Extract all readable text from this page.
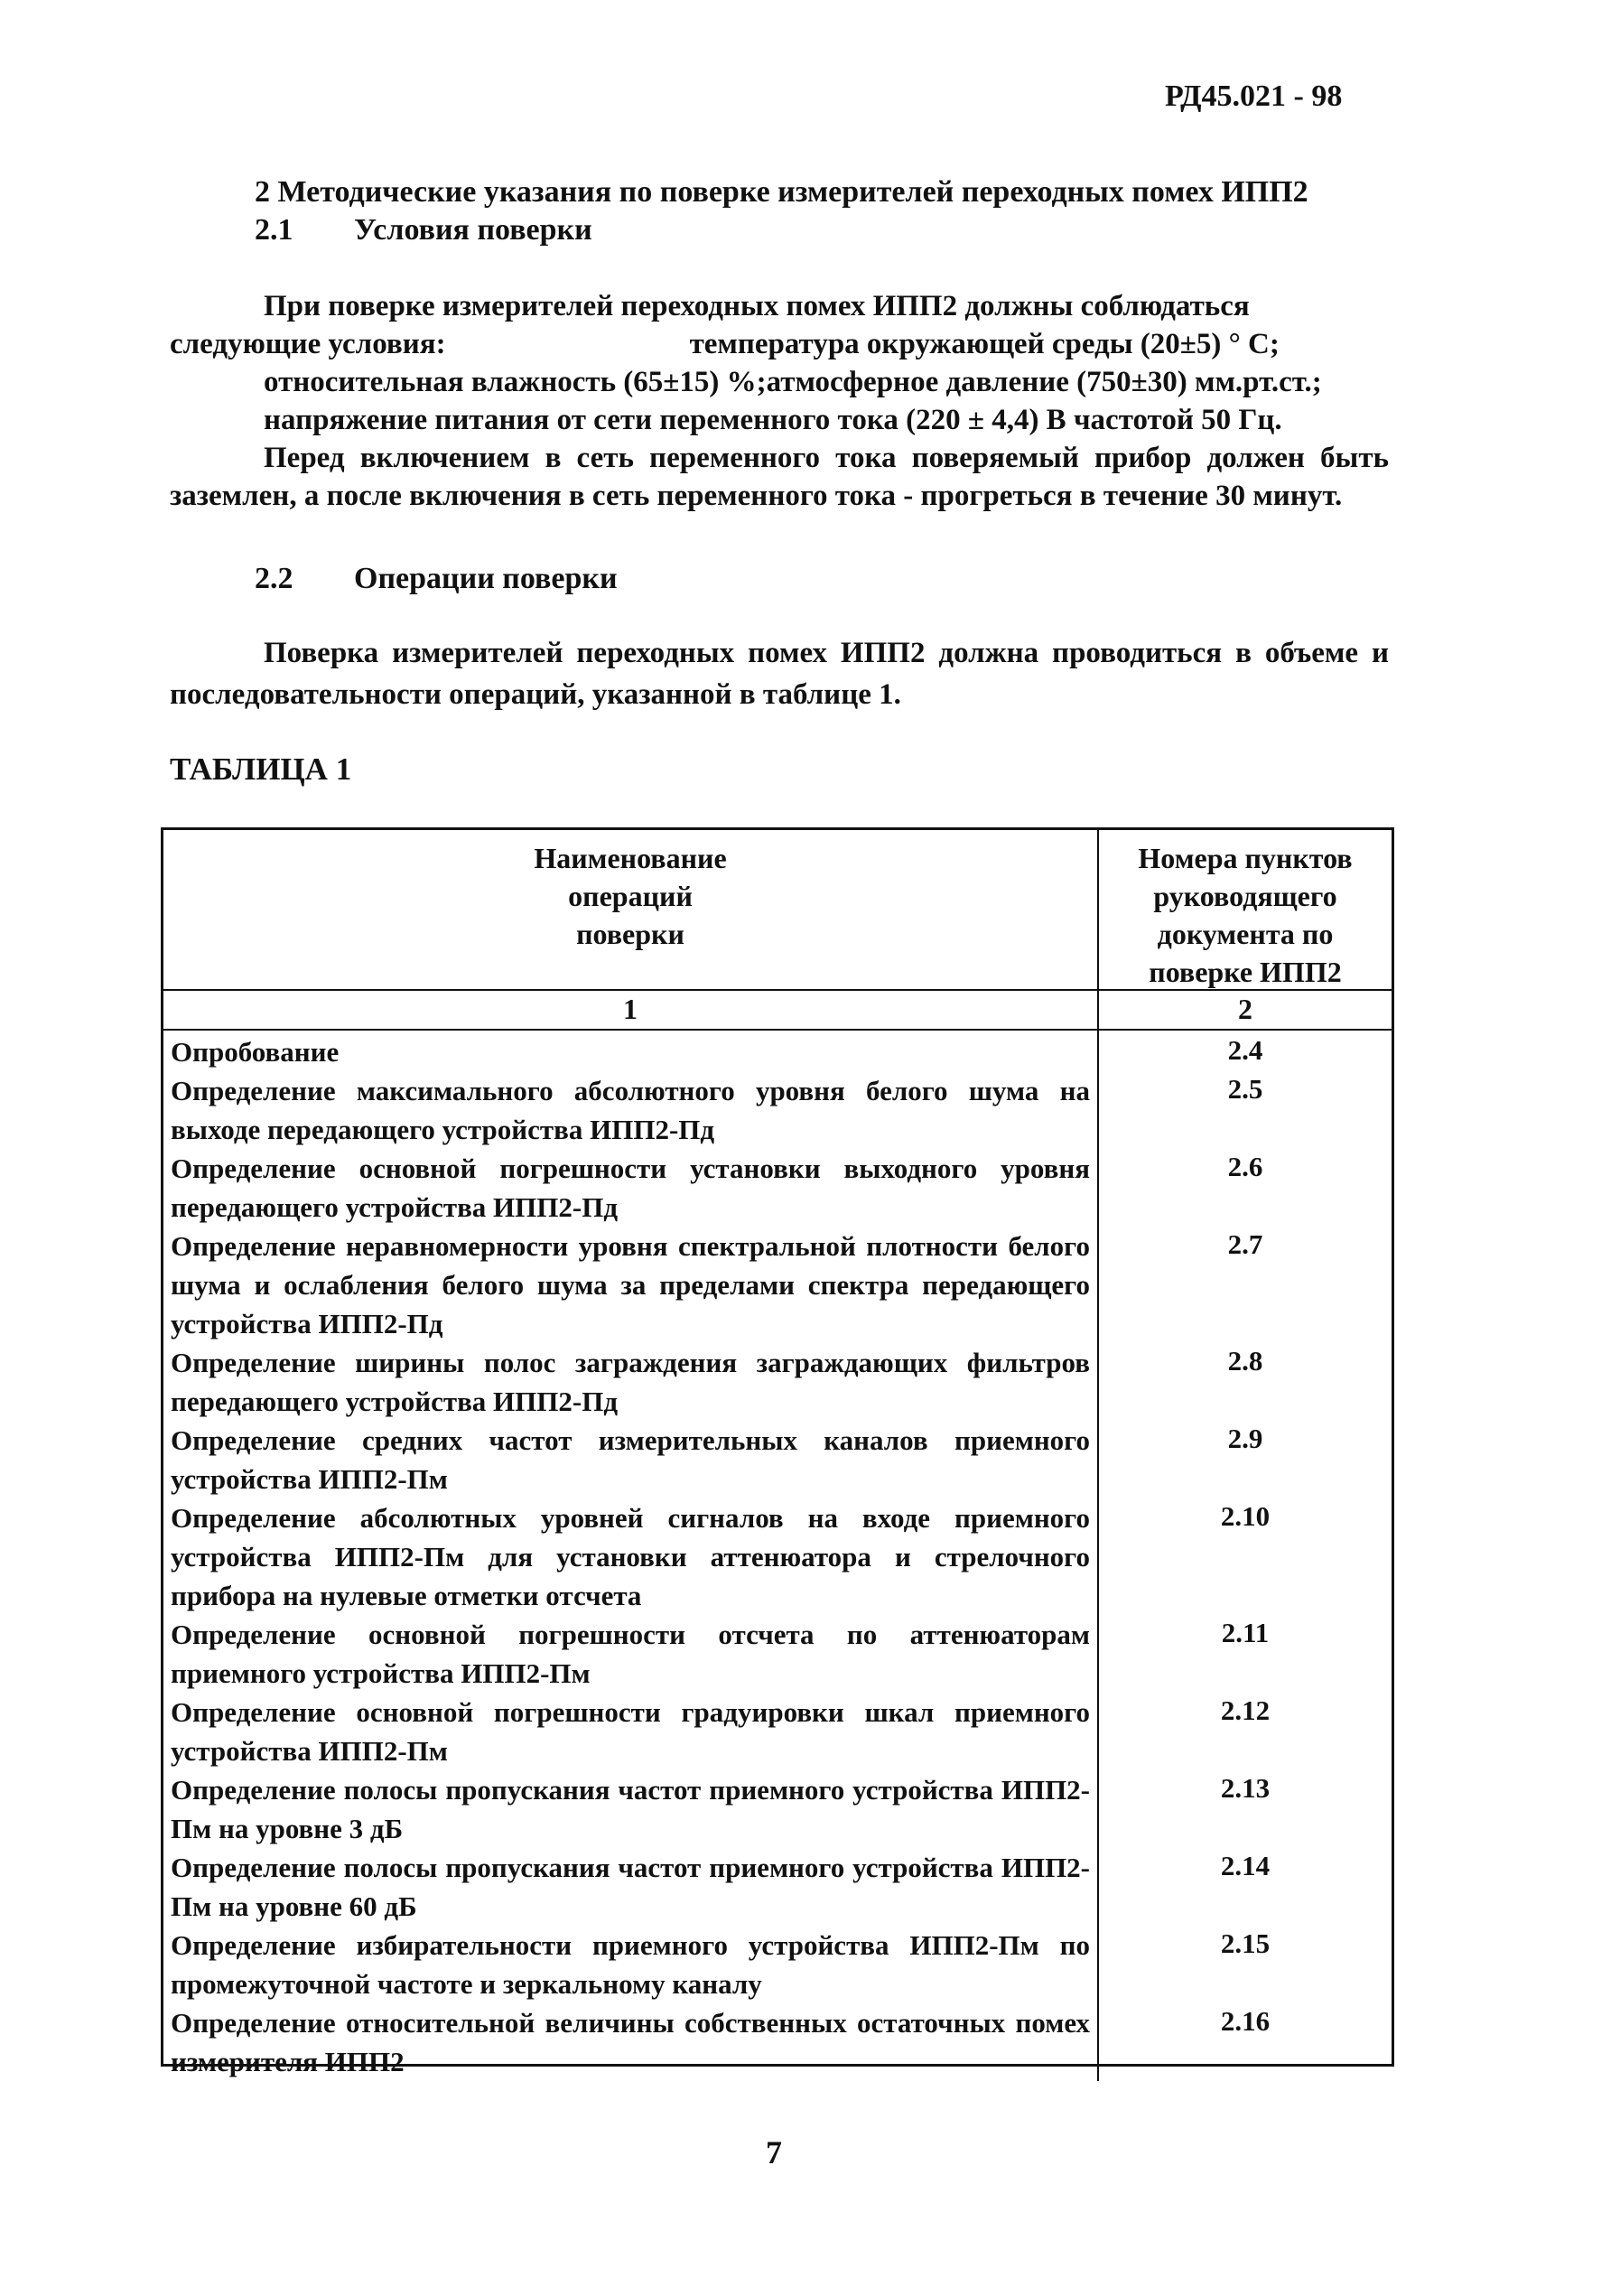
РД45.021 - 98
2 Методические указания по поверке измерителей переходных помех ИПП2
2.1 Условия поверки

При поверке измерителей переходных помех ИПП2 должны соблюдаться

следующие условия:	температура окружающей среды (20±5) ° С;

относительная влажность (65±15) %;атмосферное давление (750±30) мм.рт.ст.;

напряжение питания от сети переменного тока (220 ± 4,4) В частотой 50 Гц.

Перед включением в сеть переменного тока поверяемый прибор должен быть заземлен, а после включения в сеть переменного тока - прогреться в течение 30 минут.

2.2 Операции поверки

Поверка измерителей переходных помех ИПП2 должна проводиться в объеме и последовательности операций, указанной в таблице 1.

ТАБЛИЦА 1
Наименование
операций
поверки
Номера пунктов
руководящего
документа по
поверке ИПП2
1	2
Опробование
Определение максимального абсолютного уровня белого шума на выходе передающего устройства ИПП2-Пд
Определение основной погрешности установки выходного уровня передающего устройства ИПП2-Пд
Определение неравномерности уровня спектральной плотности белого шума и ослабления белого шума за пределами спектра передающего устройства ИПП2-Пд
Определение ширины полос заграждения заграждающих фильтров передающего устройства ИПП2-Пд
Определение средних частот измерительных каналов приемного устройства ИПП2-Пм
Определение абсолютных уровней сигналов на входе приемного устройства ИПП2-Пм для установки аттенюатора и стрелочного прибора на нулевые отметки отсчета
Определение основной погрешности отсчета по аттенюаторам приемного устройства ИПП2-Пм
Определение основной погрешности градуировки шкал приемного устройства ИПП2-Пм
Определение полосы пропускания частот приемного устройства ИПП2-Пм на уровне 3 дБ
Определение полосы пропускания частот приемного устройства ИПП2-Пм на уровне 60 дБ
Определение избирательности приемного устройства ИПП2-Пм по промежуточной частоте и зеркальному каналу
Определение относительной величины собственных остаточных помех измерителя ИПП2
2.4
2.5
2.6
2.7
2.8
2.9
2.10
2.11
2.12
2.13
2.14
2.15
2.16
7
